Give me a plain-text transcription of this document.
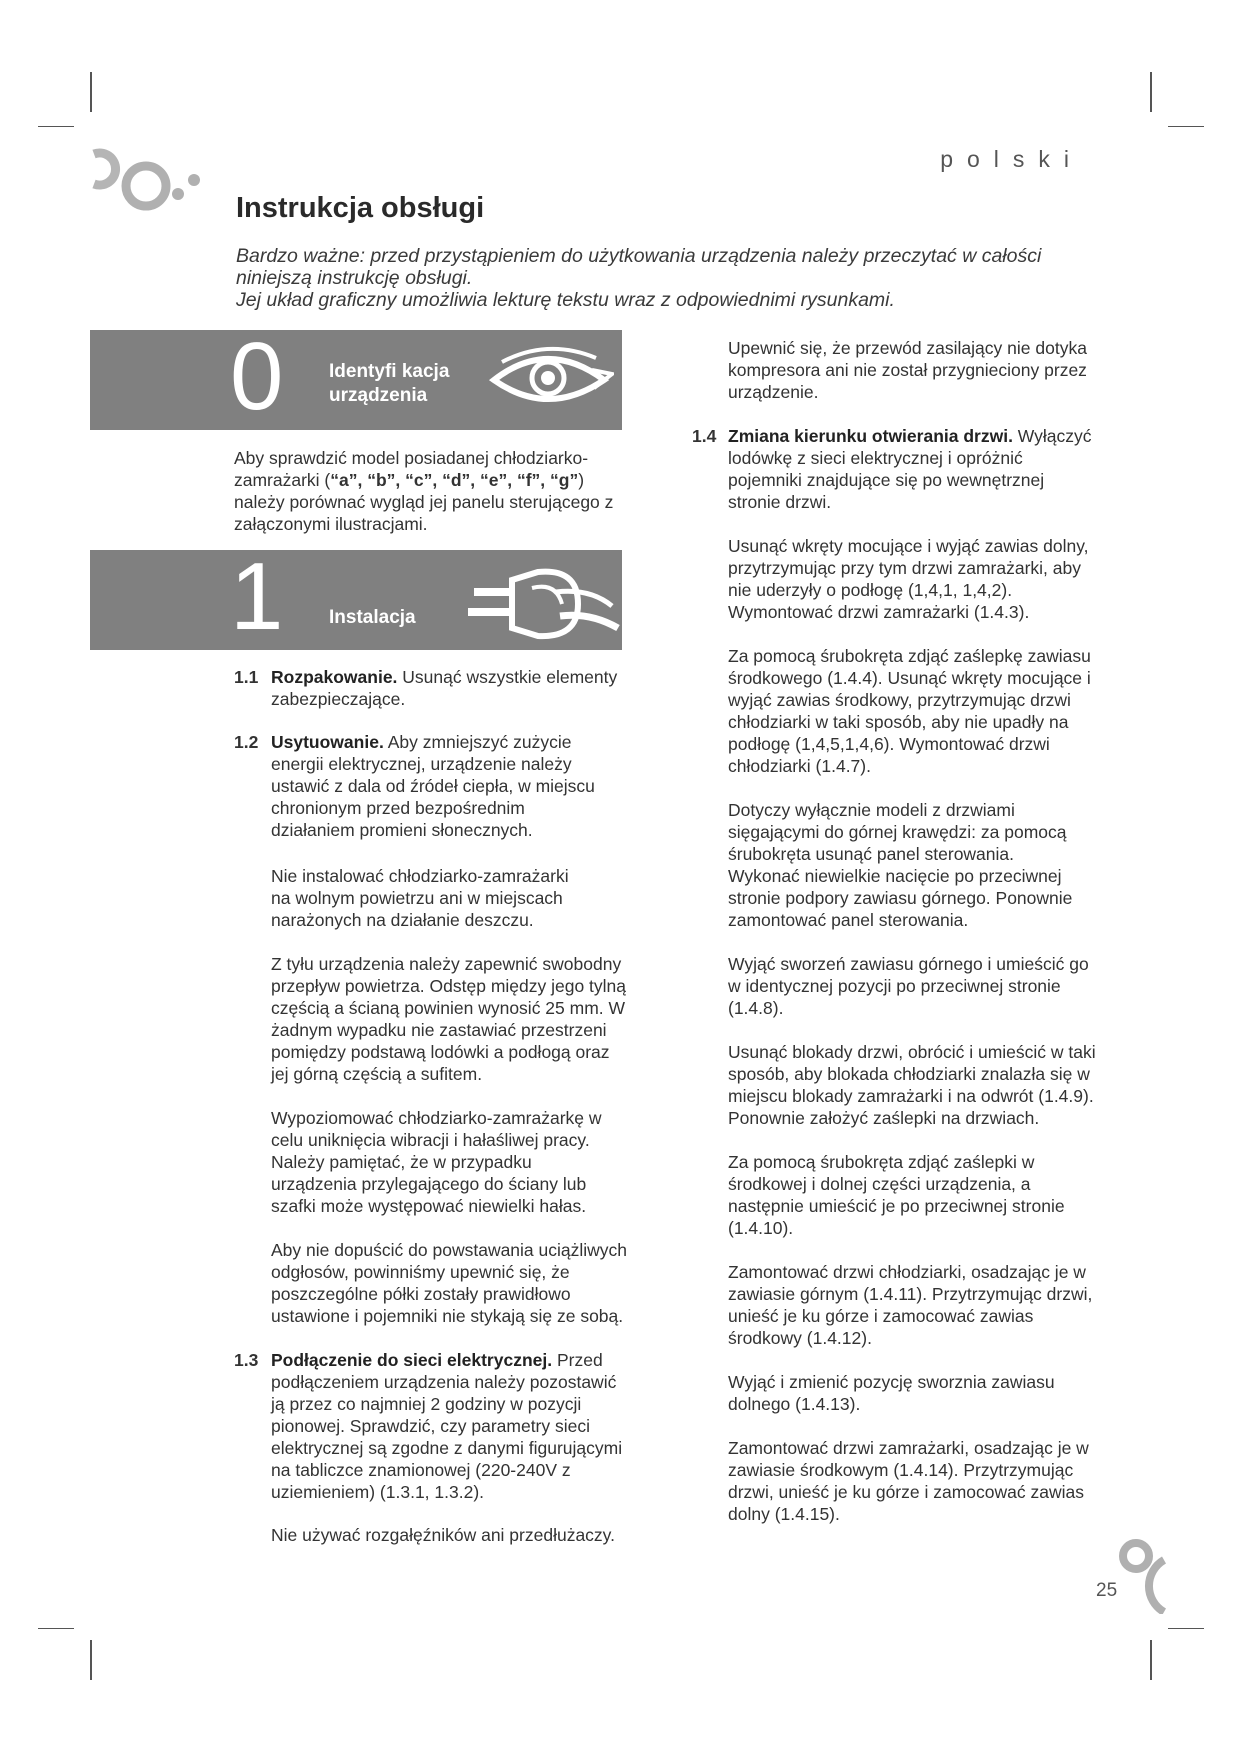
polski
Instrukcja obsługi

Bardzo ważne: przed przystąpieniem do użytkowania urządzenia należy przeczytać w całości niniejszą instrukcję obsługi.

Jej układ graficzny umożliwia lekturę tekstu wraz z odpowiednimi rysunkami.

0 Identyfi kacja
urządzenia
Aby sprawdzić model posiadanej chłodziarko-zamrażarki (“a”, “b”, “c”, “d”, “e”, “f”, “g”) należy porównać wygląd jej panelu sterującego z załączonymi ilustracjami.
1 Instalacja
1.1 Rozpakowanie. Usunąć wszystkie elementy zabezpieczające.
1.2 Usytuowanie. Aby zmniejszyć zużycie energii elektrycznej, urządzenie należy ustawić z dala od źródeł ciepła, w miejscu chronionym przed bezpośrednim działaniem promieni słonecznych.
Nie instalować chłodziarko-zamrażarki na wolnym powietrzu ani w miejscach narażonych na działanie deszczu.
Z tyłu urządzenia należy zapewnić swobodny przepływ powietrza. Odstęp między jego tylną częścią a ścianą powinien wynosić 25 mm. W żadnym wypadku nie zastawiać przestrzeni pomiędzy podstawą lodówki a podłogą oraz jej górną częścią a sufitem.
Wypoziomować chłodziarko-zamrażarkę w celu uniknięcia wibracji i hałaśliwej pracy. Należy pamiętać, że w przypadku urządzenia przylegającego do ściany lub szafki może występować niewielki hałas.
Aby nie dopuścić do powstawania uciążliwych odgłosów, powinniśmy upewnić się, że poszczególne półki zostały prawidłowo ustawione i pojemniki nie stykają się ze sobą.
1.3 Podłączenie do sieci elektrycznej. Przed podłączeniem urządzenia należy pozostawić ją przez co najmniej 2 godziny w pozycji pionowej. Sprawdzić, czy parametry sieci elektrycznej są zgodne z danymi figurującymi na tabliczce znamionowej (220-240V z uziemieniem) (1.3.1, 1.3.2).
Nie używać rozgałęźników ani przedłużaczy.
Upewnić się, że przewód zasilający nie dotyka kompresora ani nie został przygnieciony przez urządzenie.
1.4 Zmiana kierunku otwierania drzwi. Wyłączyć lodówkę z sieci elektrycznej i opróżnić pojemniki znajdujące się po wewnętrznej stronie drzwi.
Usunąć wkręty mocujące i wyjąć zawias dolny, przytrzymując przy tym drzwi zamrażarki, aby nie uderzyły o podłogę (1,4,1, 1,4,2). Wymontować drzwi zamrażarki (1.4.3).
Za pomocą śrubokręta zdjąć zaślepkę zawiasu środkowego (1.4.4). Usunąć wkręty mocujące i wyjąć zawias środkowy, przytrzymując drzwi chłodziarki w taki sposób, aby nie upadły na podłogę (1,4,5,1,4,6). Wymontować drzwi chłodziarki (1.4.7).
Dotyczy wyłącznie modeli z drzwiami sięgającymi do górnej krawędzi: za pomocą śrubokręta usunąć panel sterowania. Wykonać niewielkie nacięcie po przeciwnej stronie podpory zawiasu górnego. Ponownie zamontować panel sterowania.
Wyjąć sworzeń zawiasu górnego i umieścić go w identycznej pozycji po przeciwnej stronie (1.4.8).
Usunąć blokady drzwi, obrócić i umieścić w taki sposób, aby blokada chłodziarki znalazła się w miejscu blokady zamrażarki i na odwrót (1.4.9). Ponownie założyć zaślepki na drzwiach.
Za pomocą śrubokręta zdjąć zaślepki w środkowej i dolnej części urządzenia, a następnie umieścić je po przeciwnej stronie (1.4.10).
Zamontować drzwi chłodziarki, osadzając je w zawiasie górnym (1.4.11). Przytrzymując drzwi, unieść je ku górze i zamocować zawias środkowy (1.4.12).
Wyjąć i zmienić pozycję sworznia zawiasu dolnego (1.4.13).
Zamontować drzwi zamrażarki, osadzając je w zawiasie środkowym (1.4.14). Przytrzymując drzwi, unieść je ku górze i zamocować zawias dolny (1.4.15).
25
